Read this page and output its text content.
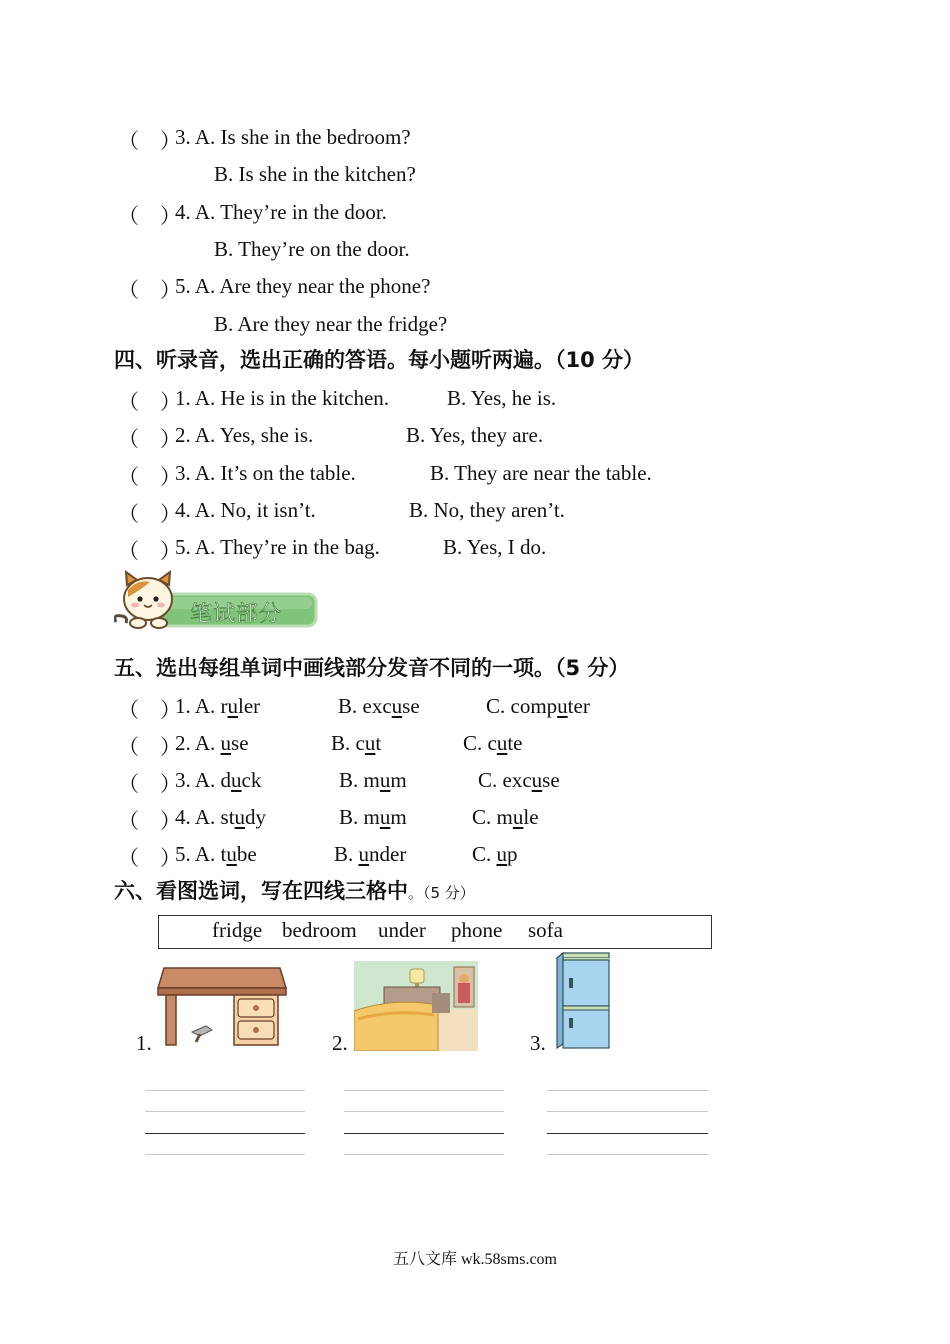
（　）
3. A. Is she in the bedroom?
B. Is she in the kitchen?
（　）
4. A. They’re in the door.
B. They’re on the door.
（　）
5. A. Are they near the phone?
B. Are they near the fridge?
四、听录音，选出正确的答语。每小题听两遍。（10 分）
（　）
1. A. He is in the kitchen.	B. Yes, he is.
（　）
2. A. Yes, she is.	B. Yes, they are.
（　）
3. A. It’s on the table.	B. They are near the table.
（　）
4. A. No, it isn’t.	B. No, they aren’t.
（　）
5. A. They’re in the bag.	B. Yes, I do.
笔试部分
五、选出每组单词中画线部分发音不同的一项。（5 分）
（　）
1. A. ruler	B. excuse	C. computer
（　）
2. A. use	B. cut	C. cute
（　）
3. A. duck	B. mum	C. excuse
（　）
4. A. study	B. mum	C. mule
（　）
5. A. tube	B. under	C. up
六、看图选词，写在四线三格中。（5 分）
fridge bedroom under phone sofa
1.	2.	3.
五八文库 wk.58sms.com
